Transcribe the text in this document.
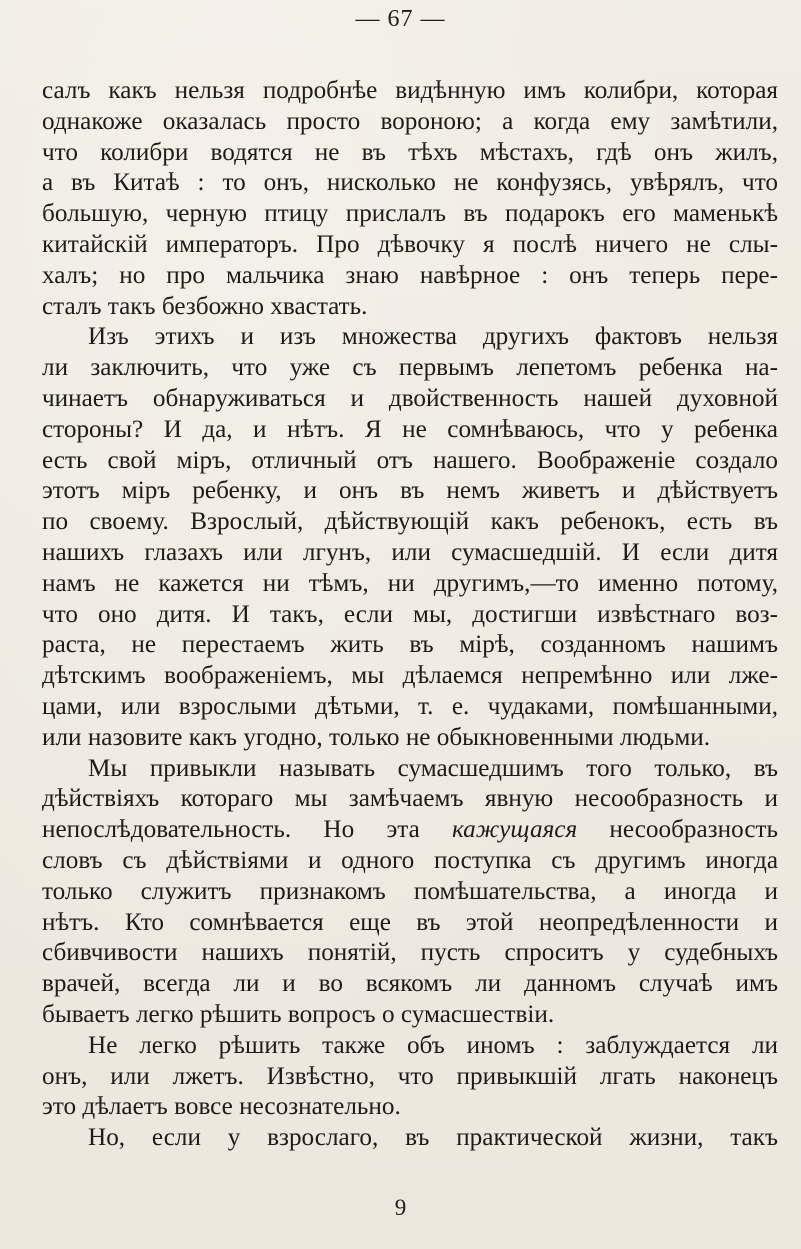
— 67 —
салъ какъ нельзя подробнѣе видѣнную имъ колибри, которая
однакоже оказалась просто вороною; а когда ему замѣтили,
что колибри водятся не въ тѣхъ мѣстахъ, гдѣ онъ жилъ,
а въ Китаѣ : то онъ, нисколько не конфузясь, увѣрялъ, что
большую, черную птицу прислалъ въ подарокъ его маменькѣ
китайскій императоръ. Про дѣвочку я послѣ ничего не слы-
халъ; но про мальчика знаю навѣрное : онъ теперь пере-
сталъ такъ безбожно хвастать.
Изъ этихъ и изъ множества другихъ фактовъ нельзя
ли заключить, что уже съ первымъ лепетомъ ребенка на-
чинаетъ обнаруживаться и двойственность нашей духовной
стороны? И да, и нѣтъ. Я не сомнѣваюсь, что у ребенка
есть свой міръ, отличный отъ нашего. Воображеніе создало
этотъ міръ ребенку, и онъ въ немъ живетъ и дѣйствуетъ
по своему. Взрослый, дѣйствующій какъ ребенокъ, есть въ
нашихъ глазахъ или лгунъ, или сумасшедшій. И если дитя
намъ не кажется ни тѣмъ, ни другимъ,—то именно потому,
что оно дитя. И такъ, если мы, достигши извѣстнаго воз-
раста, не перестаемъ жить въ мірѣ, созданномъ нашимъ
дѣтскимъ воображеніемъ, мы дѣлаемся непремѣнно или лже-
цами, или взрослыми дѣтьми, т. е. чудаками, помѣшанными,
или назовите какъ угодно, только не обыкновенными людьми.
Мы привыкли называть сумасшедшимъ того только, въ
дѣйствіяхъ котораго мы замѣчаемъ явную несообразность и
непослѣдовательность. Но эта кажущаяся несообразность
словъ съ дѣйствіями и одного поступка съ другимъ иногда
только служитъ признакомъ помѣшательства, а иногда и
нѣтъ. Кто сомнѣвается еще въ этой неопредѣленности и
сбивчивости нашихъ понятій, пусть спроситъ у судебныхъ
врачей, всегда ли и во всякомъ ли данномъ случаѣ имъ
бываетъ легко рѣшить вопросъ о сумасшествіи.
Не легко рѣшить также объ иномъ : заблуждается ли
онъ, или лжетъ. Извѣстно, что привыкшій лгать наконецъ
это дѣлаетъ вовсе несознательно.
Но, если у взрослаго, въ практической жизни, такъ
9
